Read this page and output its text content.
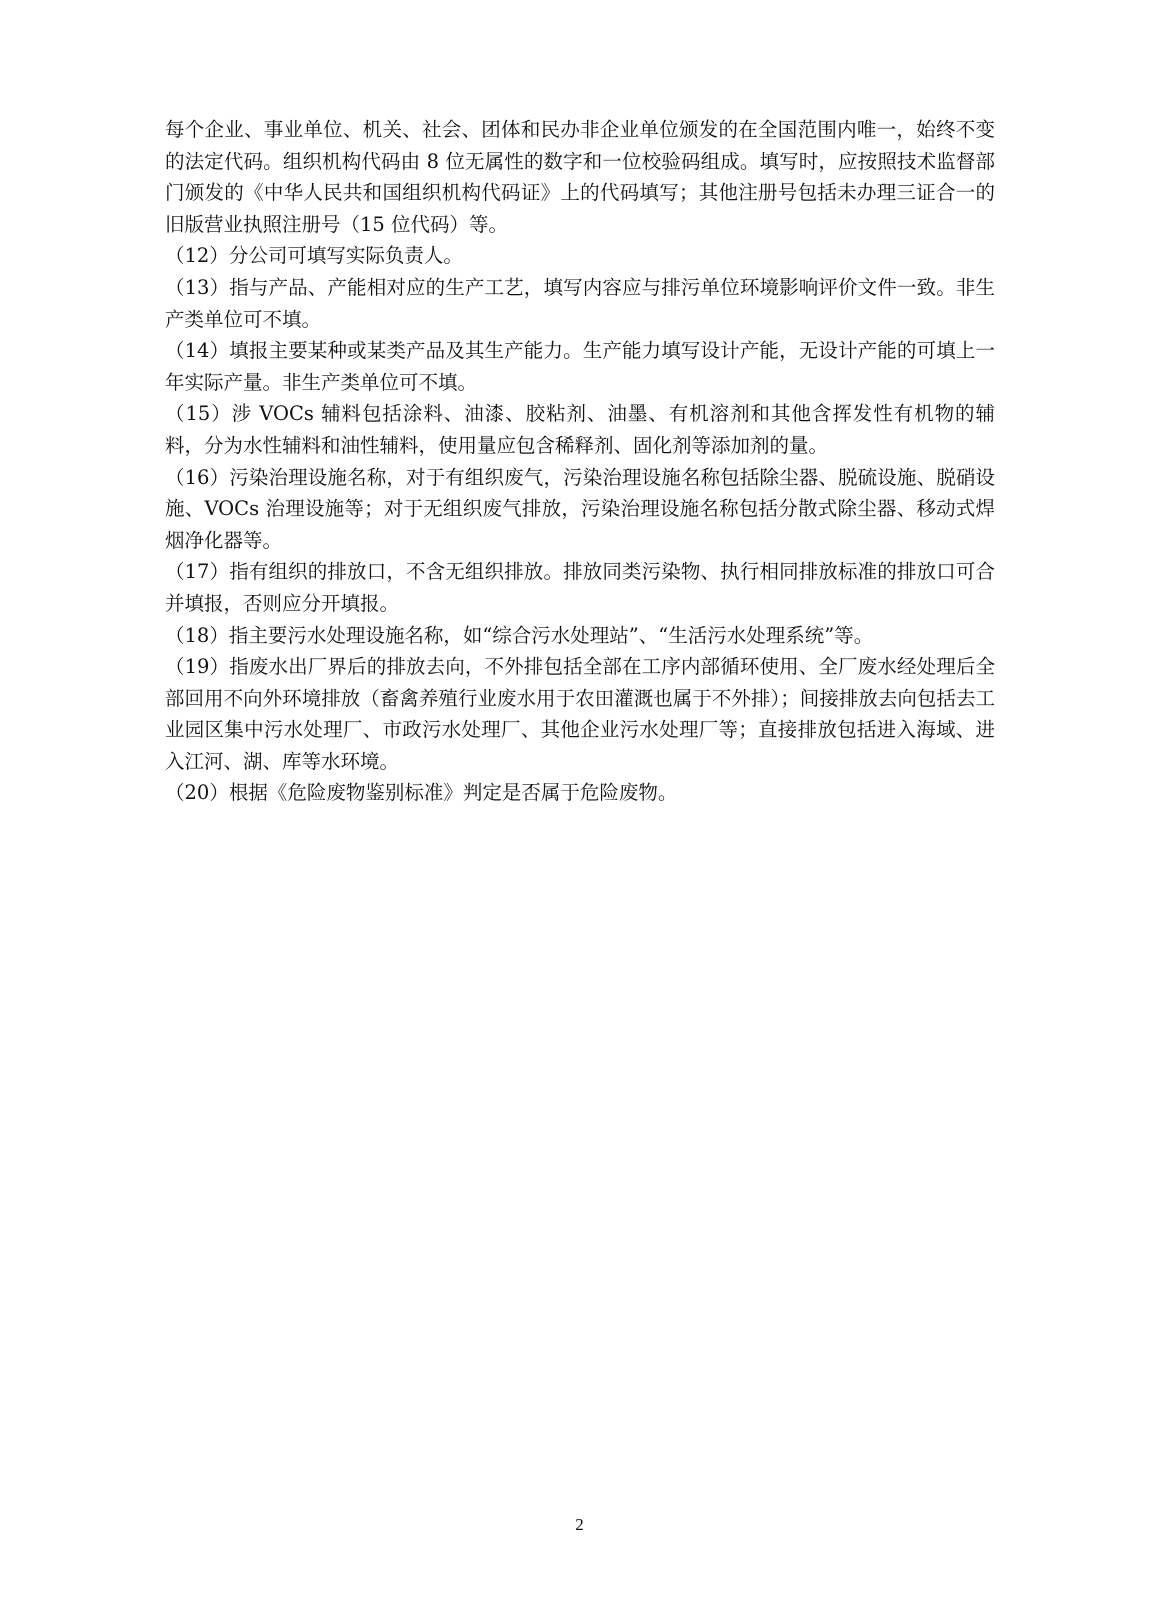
每个企业、事业单位、机关、社会、团体和民办非企业单位颁发的在全国范围内唯一，始终不变的法定代码。组织机构代码由 8 位无属性的数字和一位校验码组成。填写时，应按照技术监督部门颁发的《中华人民共和国组织机构代码证》上的代码填写；其他注册号包括未办理三证合一的旧版营业执照注册号（15 位代码）等。

（12）分公司可填写实际负责人。

（13）指与产品、产能相对应的生产工艺，填写内容应与排污单位环境影响评价文件一致。非生产类单位可不填。

（14）填报主要某种或某类产品及其生产能力。生产能力填写设计产能，无设计产能的可填上一年实际产量。非生产类单位可不填。

（15）涉 VOCs 辅料包括涂料、油漆、胶粘剂、油墨、有机溶剂和其他含挥发性有机物的辅料，分为水性辅料和油性辅料，使用量应包含稀释剂、固化剂等添加剂的量。

（16）污染治理设施名称，对于有组织废气，污染治理设施名称包括除尘器、脱硫设施、脱硝设施、VOCs 治理设施等；对于无组织废气排放，污染治理设施名称包括分散式除尘器、移动式焊烟净化器等。

（17）指有组织的排放口，不含无组织排放。排放同类污染物、执行相同排放标准的排放口可合并填报，否则应分开填报。

（18）指主要污水处理设施名称，如“综合污水处理站”、“生活污水处理系统”等。

（19）指废水出厂界后的排放去向，不外排包括全部在工序内部循环使用、全厂废水经处理后全部回用不向外环境排放（畜禽养殖行业废水用于农田灌溉也属于不外排）；间接排放去向包括去工业园区集中污水处理厂、市政污水处理厂、其他企业污水处理厂等；直接排放包括进入海域、进入江河、湖、库等水环境。

（20）根据《危险废物鉴别标准》判定是否属于危险废物。

2
